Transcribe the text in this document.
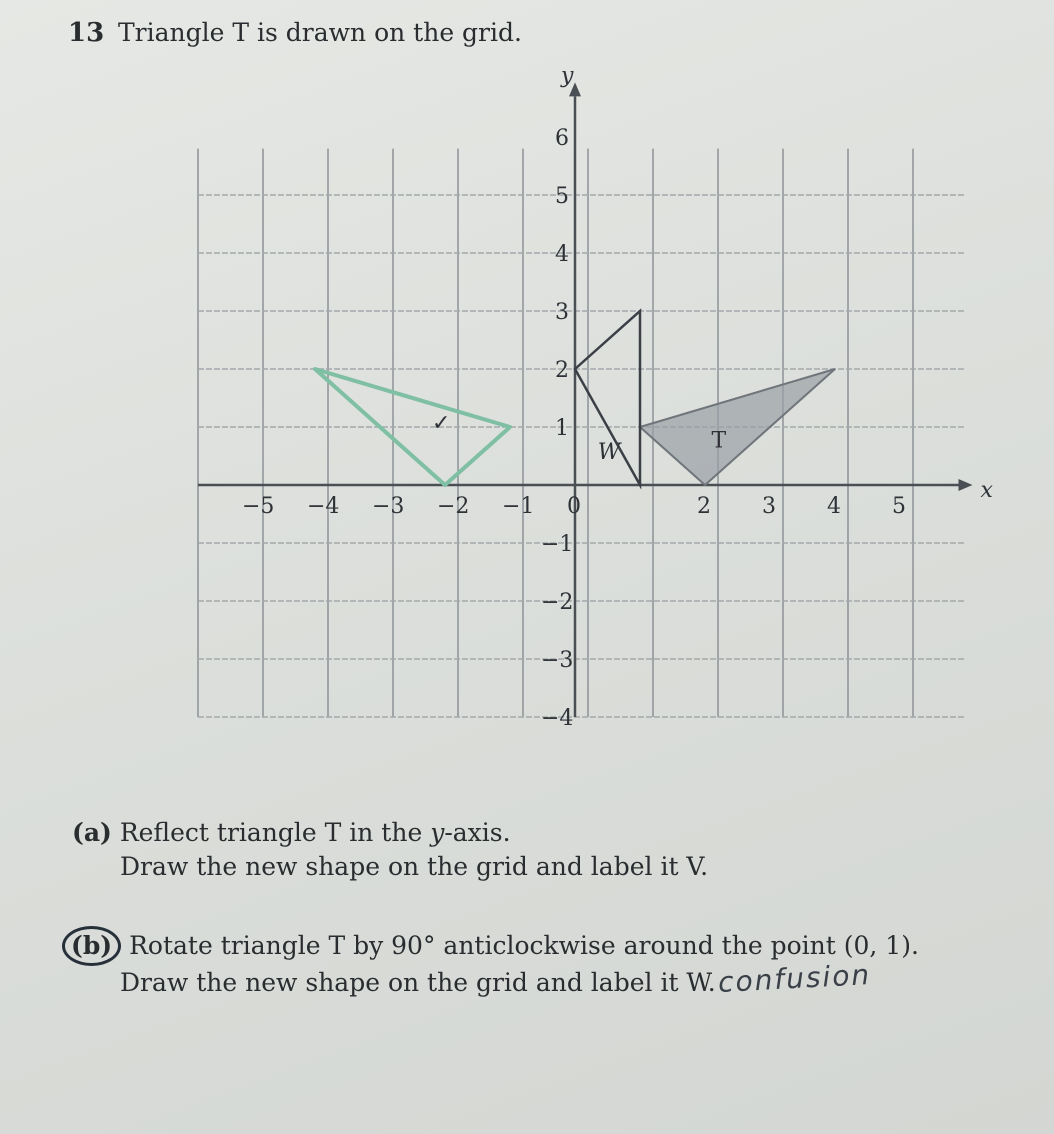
13 Triangle T is drawn on the grid.
x
y
−5 −4 −3 −2 −1 0	2 3 4 5
6
5
4
3
2
1
−1
−2
−3
−4
T
✓
W
(a) Reflect triangle T in the y-axis.
Draw the new shape on the grid and label it V.
(b) Rotate triangle T by 90° anticlockwise around the point (0, 1).
Draw the new shape on the grid and label it W. confusion
